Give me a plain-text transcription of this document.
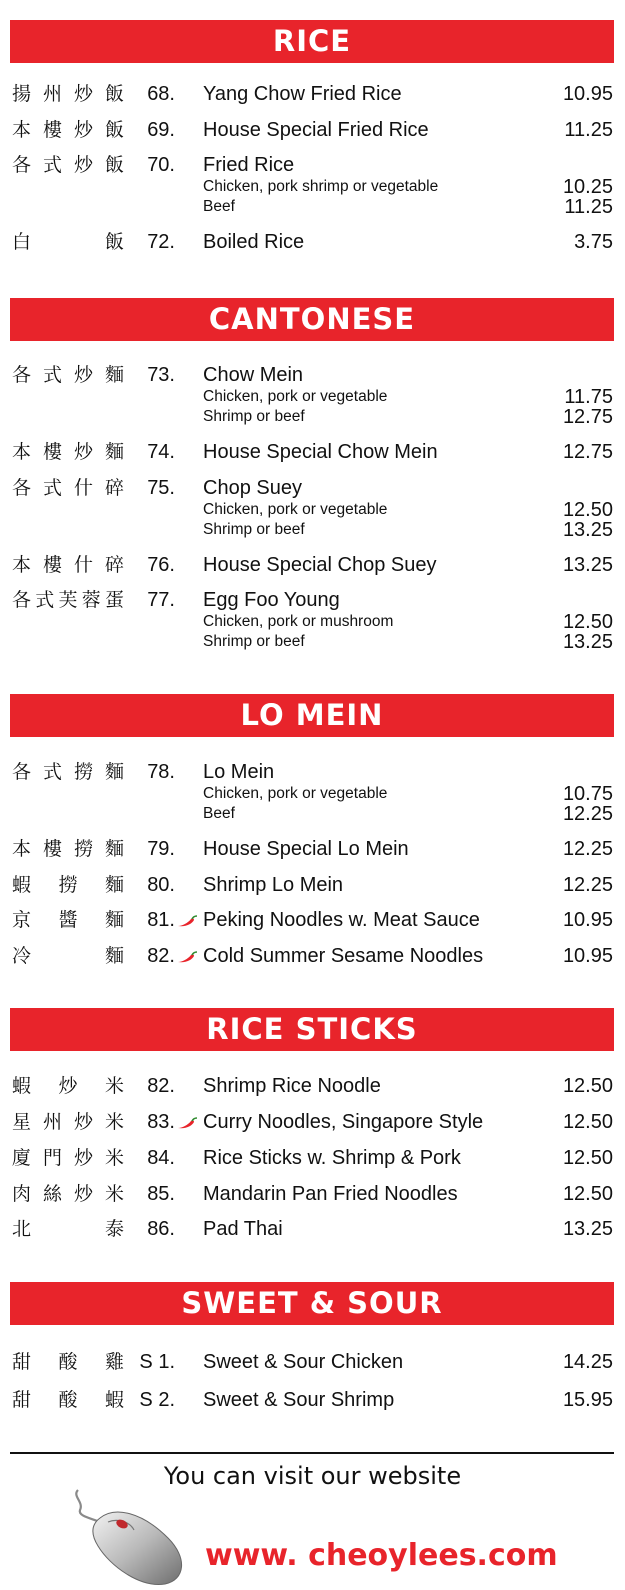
RICE
揚 州 炒 飯	68. Yang Chow Fried Rice	10.95
本 樓 炒 飯	69. House Special Fried Rice	11.25
各 式 炒 飯	70. Fried Rice
Chicken, pork shrimp or vegetable	10.25
Beef	11.25
白	飯	72. Boiled Rice	3.75
CANTONESE
各 式 炒 麵	73. Chow Mein
Chicken, pork or vegetable	11.75
Shrimp or beef	12.75
本 樓 炒 麵	74. House Special Chow Mein	12.75
各 式 什 碎	75. Chop Suey
Chicken, pork or vegetable	12.50
Shrimp or beef	13.25
本 樓 什 碎	76. House Special Chop Suey	13.25
各 式 芙 蓉 蛋	77. Egg Foo Young
Chicken, pork or mushroom	12.50
Shrimp or beef	13.25
LO MEIN
各 式 撈 麵	78. Lo Mein
Chicken, pork or vegetable	10.75
Beef	12.25
本 樓 撈 麵	79. House Special Lo Mein	12.25
蝦 撈 麵	80. Shrimp Lo Mein	12.25
京 醬 麵	81. Peking Noodles w. Meat Sauce	10.95
冷	麵	82. Cold Summer Sesame Noodles	10.95
RICE STICKS
蝦 炒 米	82. Shrimp Rice Noodle	12.50
星 州 炒 米	83. Curry Noodles, Singapore Style	12.50
廈 門 炒 米	84. Rice Sticks w. Shrimp & Pork	12.50
肉 絲 炒 米	85. Mandarin Pan Fried Noodles	12.50
北	泰	86. Pad Thai	13.25
SWEET & SOUR
甜 酸 雞 S 1. Sweet & Sour Chicken	14.25
甜 酸 蝦 S 2. Sweet & Sour Shrimp	15.95
You can visit our website
www. cheoylees.com
